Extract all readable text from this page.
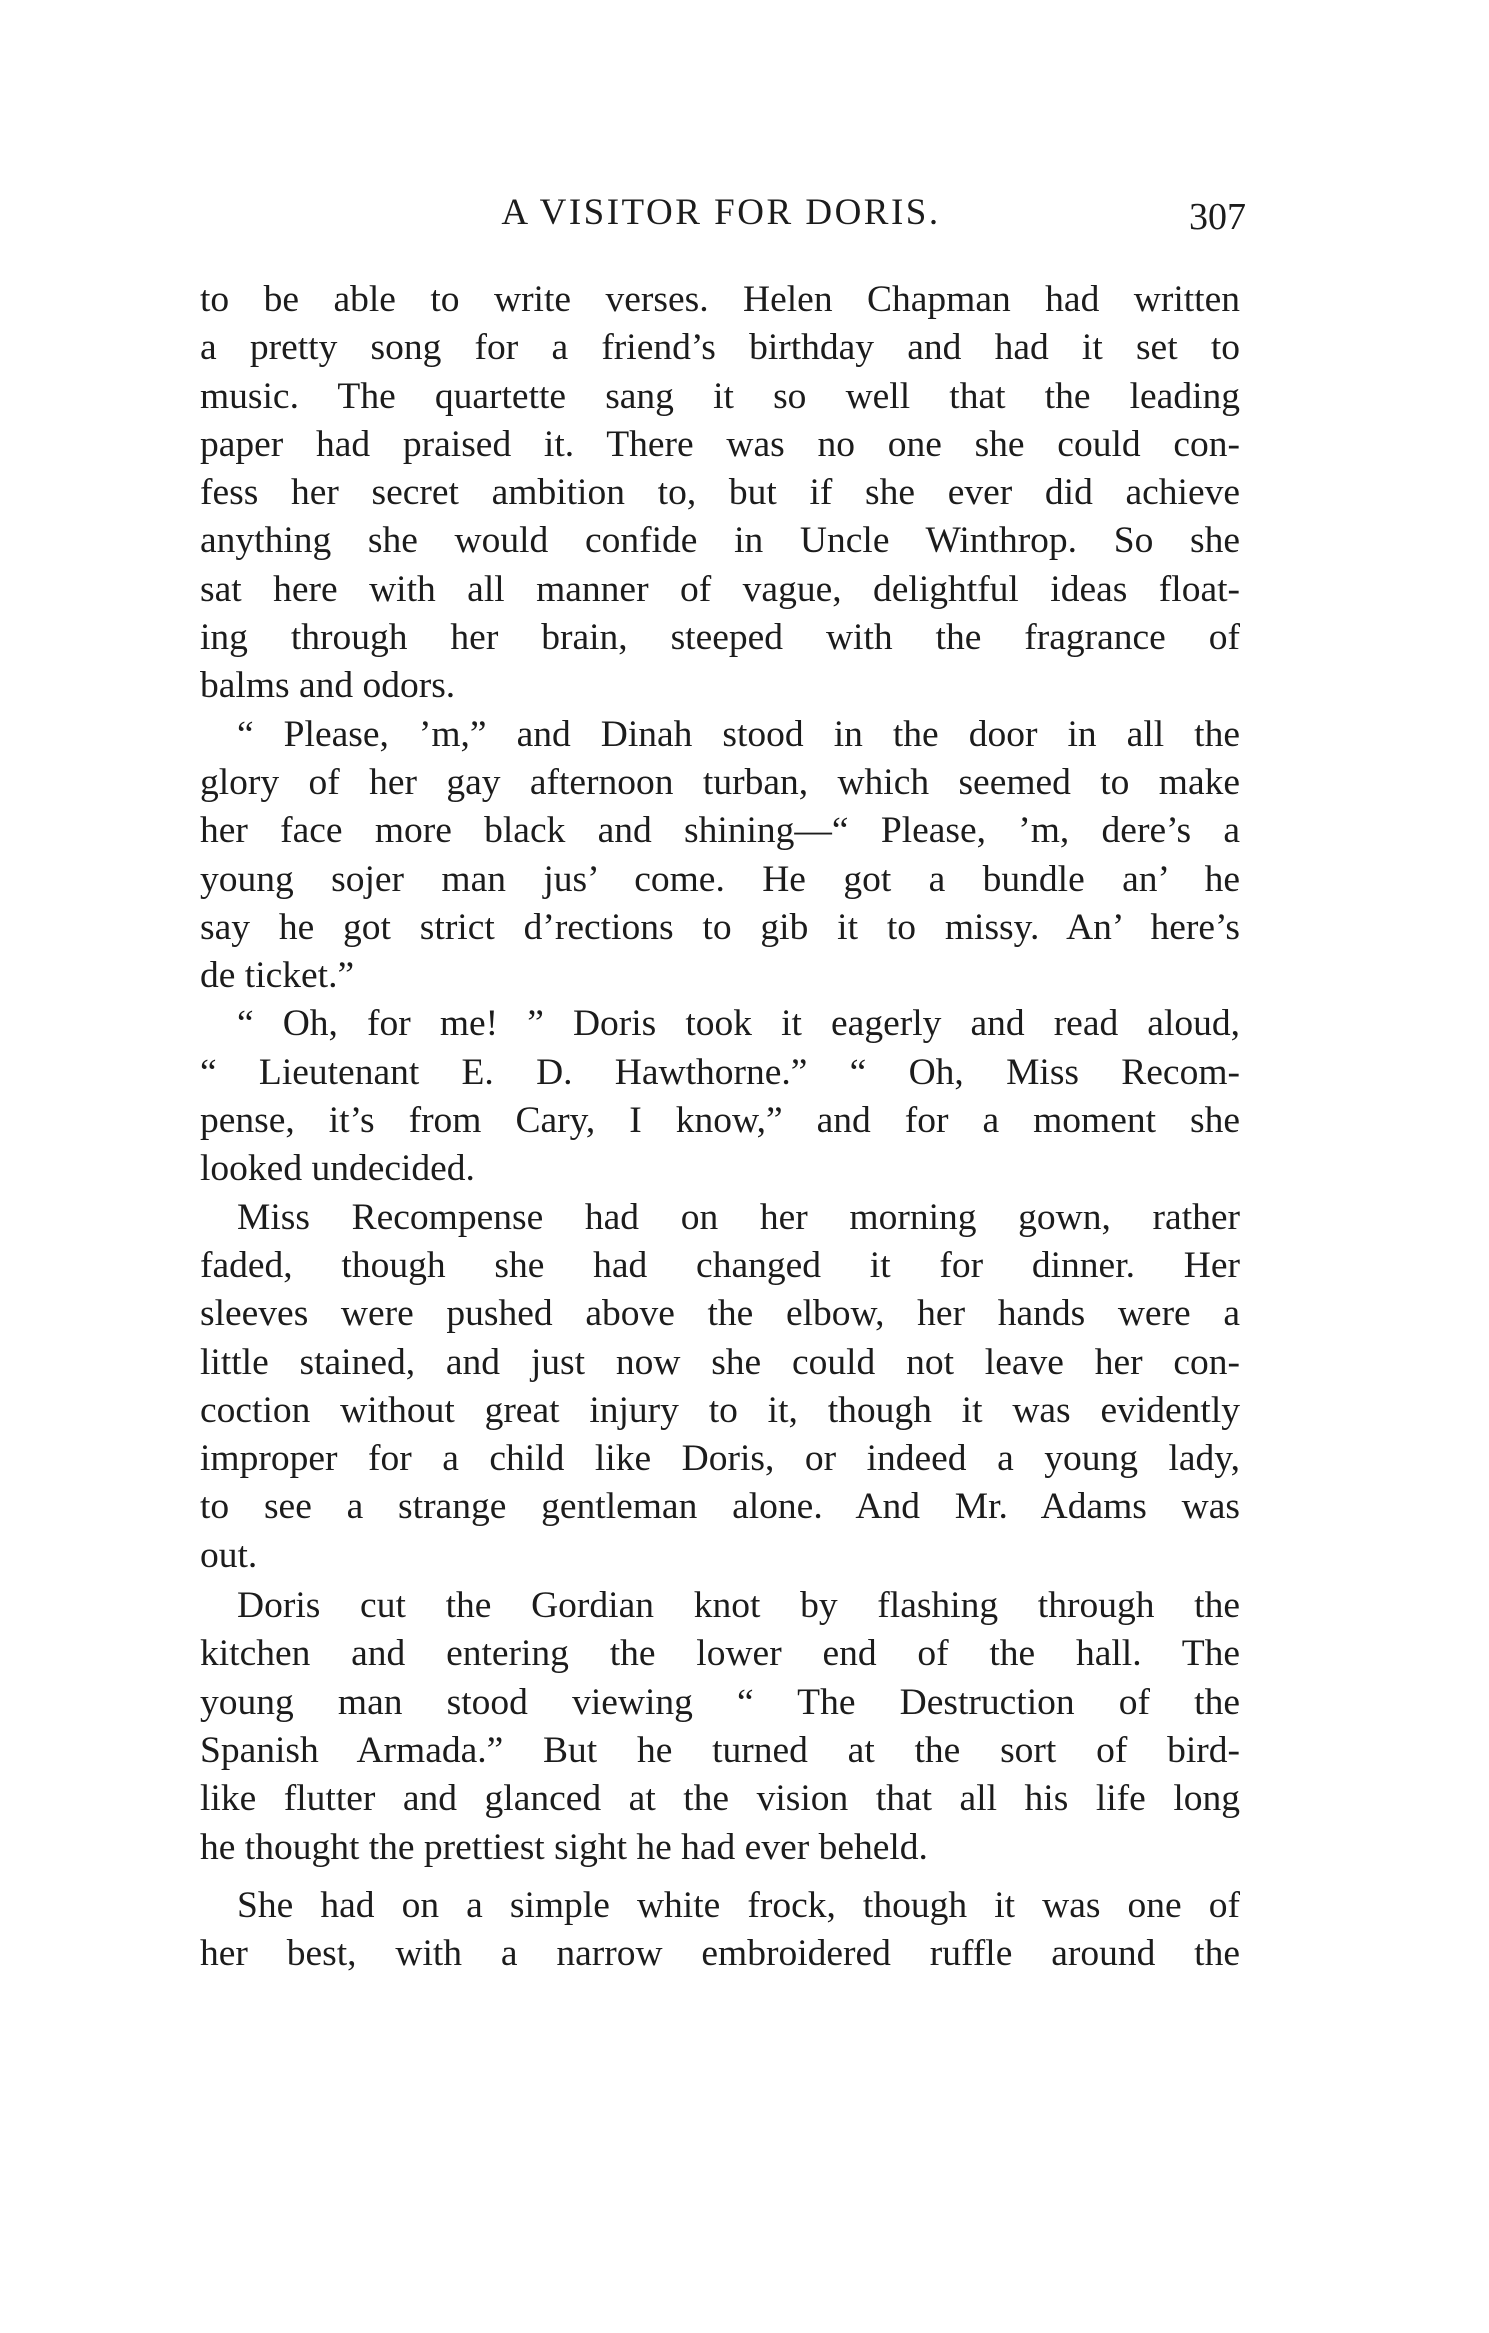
A VISITOR FOR DORIS.	307
to be able to write verses. Helen Chapman had written
a pretty song for a friend’s birthday and had it set to
music. The quartette sang it so well that the leading
paper had praised it. There was no one she could con-
fess her secret ambition to, but if she ever did achieve
anything she would confide in Uncle Winthrop. So she
sat here with all manner of vague, delightful ideas float-
ing through her brain, steeped with the fragrance of
balms and odors.
“ Please, ’m,” and Dinah stood in the door in all the
glory of her gay afternoon turban, which seemed to make
her face more black and shining—“ Please, ’m, dere’s a
young sojer man jus’ come. He got a bundle an’ he
say he got strict d’rections to gib it to missy. An’ here’s
de ticket.”
“ Oh, for me! ” Doris took it eagerly and read aloud,
“ Lieutenant E. D. Hawthorne.” “ Oh, Miss Recom-
pense, it’s from Cary, I know,” and for a moment she
looked undecided.
Miss Recompense had on her morning gown, rather
faded, though she had changed it for dinner. Her
sleeves were pushed above the elbow, her hands were a
little stained, and just now she could not leave her con-
coction without great injury to it, though it was evidently
improper for a child like Doris, or indeed a young lady,
to see a strange gentleman alone. And Mr. Adams was
out.
Doris cut the Gordian knot by flashing through the
kitchen and entering the lower end of the hall. The
young man stood viewing “ The Destruction of the
Spanish Armada.” But he turned at the sort of bird-
like flutter and glanced at the vision that all his life long
he thought the prettiest sight he had ever beheld.
She had on a simple white frock, though it was one of
her best, with a narrow embroidered ruffle around the
